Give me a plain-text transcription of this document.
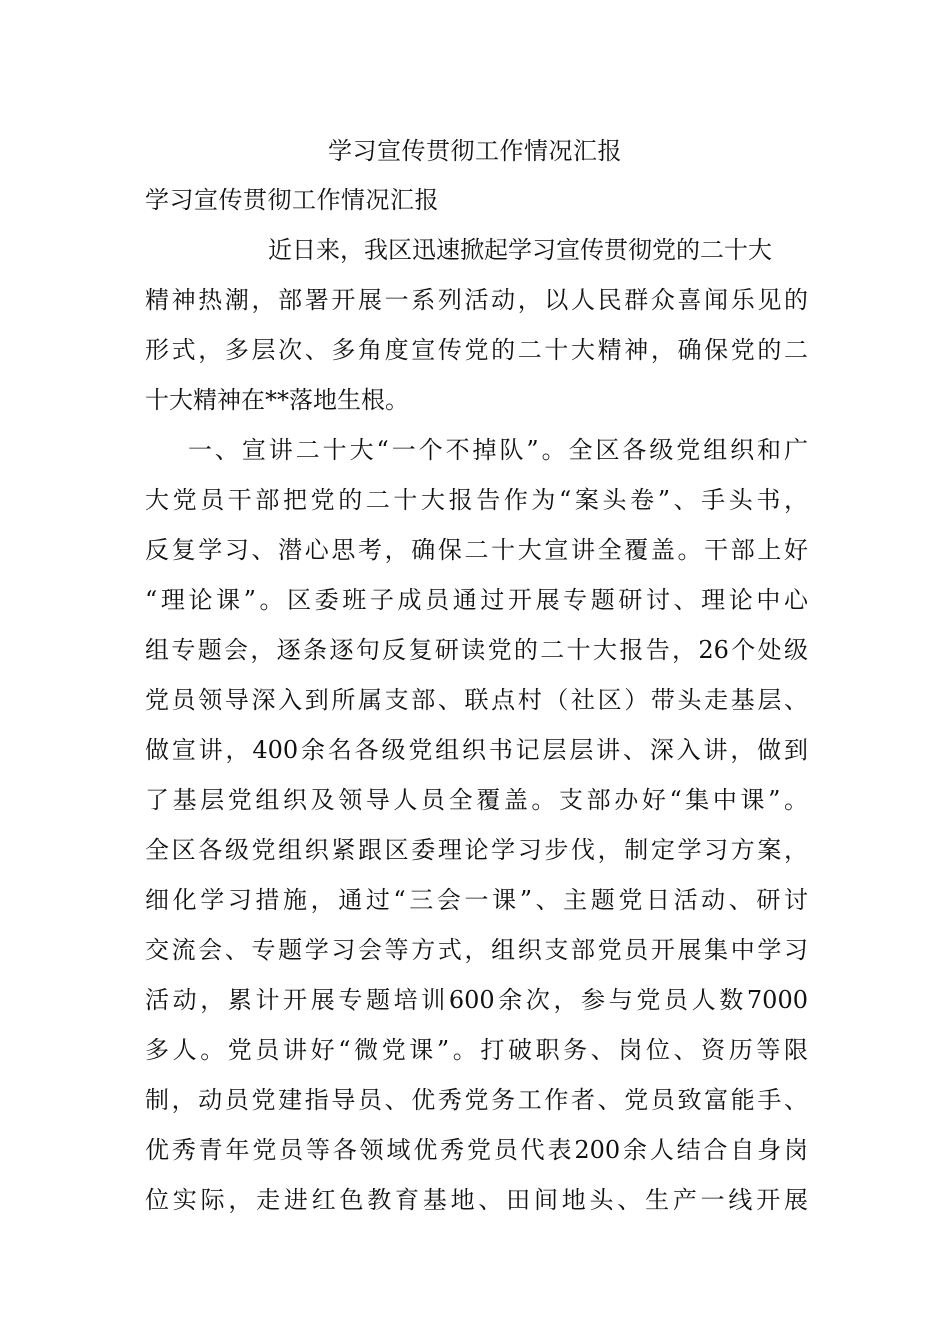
学习宣传贯彻工作情况汇报
学习宣传贯彻工作情况汇报
近日来，我区迅速掀起学习宣传贯彻党的二十大
精神热潮，部署开展一系列活动，以人民群众喜闻乐见的
形式，多层次、多角度宣传党的二十大精神，确保党的二
十大精神在**落地生根。
一、宣讲二十大“一个不掉队”。全区各级党组织和广
大党员干部把党的二十大报告作为“案头卷”、手头书，
反复学习、潜心思考，确保二十大宣讲全覆盖。干部上好
“理论课”。区委班子成员通过开展专题研讨、理论中心
组专题会，逐条逐句反复研读党的二十大报告，26个处级
党员领导深入到所属支部、联点村（社区）带头走基层、
做宣讲，400余名各级党组织书记层层讲、深入讲，做到
了基层党组织及领导人员全覆盖。支部办好“集中课”。
全区各级党组织紧跟区委理论学习步伐，制定学习方案，
细化学习措施，通过“三会一课”、主题党日活动、研讨
交流会、专题学习会等方式，组织支部党员开展集中学习
活动，累计开展专题培训600余次，参与党员人数7000
多人。党员讲好“微党课”。打破职务、岗位、资历等限
制，动员党建指导员、优秀党务工作者、党员致富能手、
优秀青年党员等各领域优秀党员代表200余人结合自身岗
位实际，走进红色教育基地、田间地头、生产一线开展
